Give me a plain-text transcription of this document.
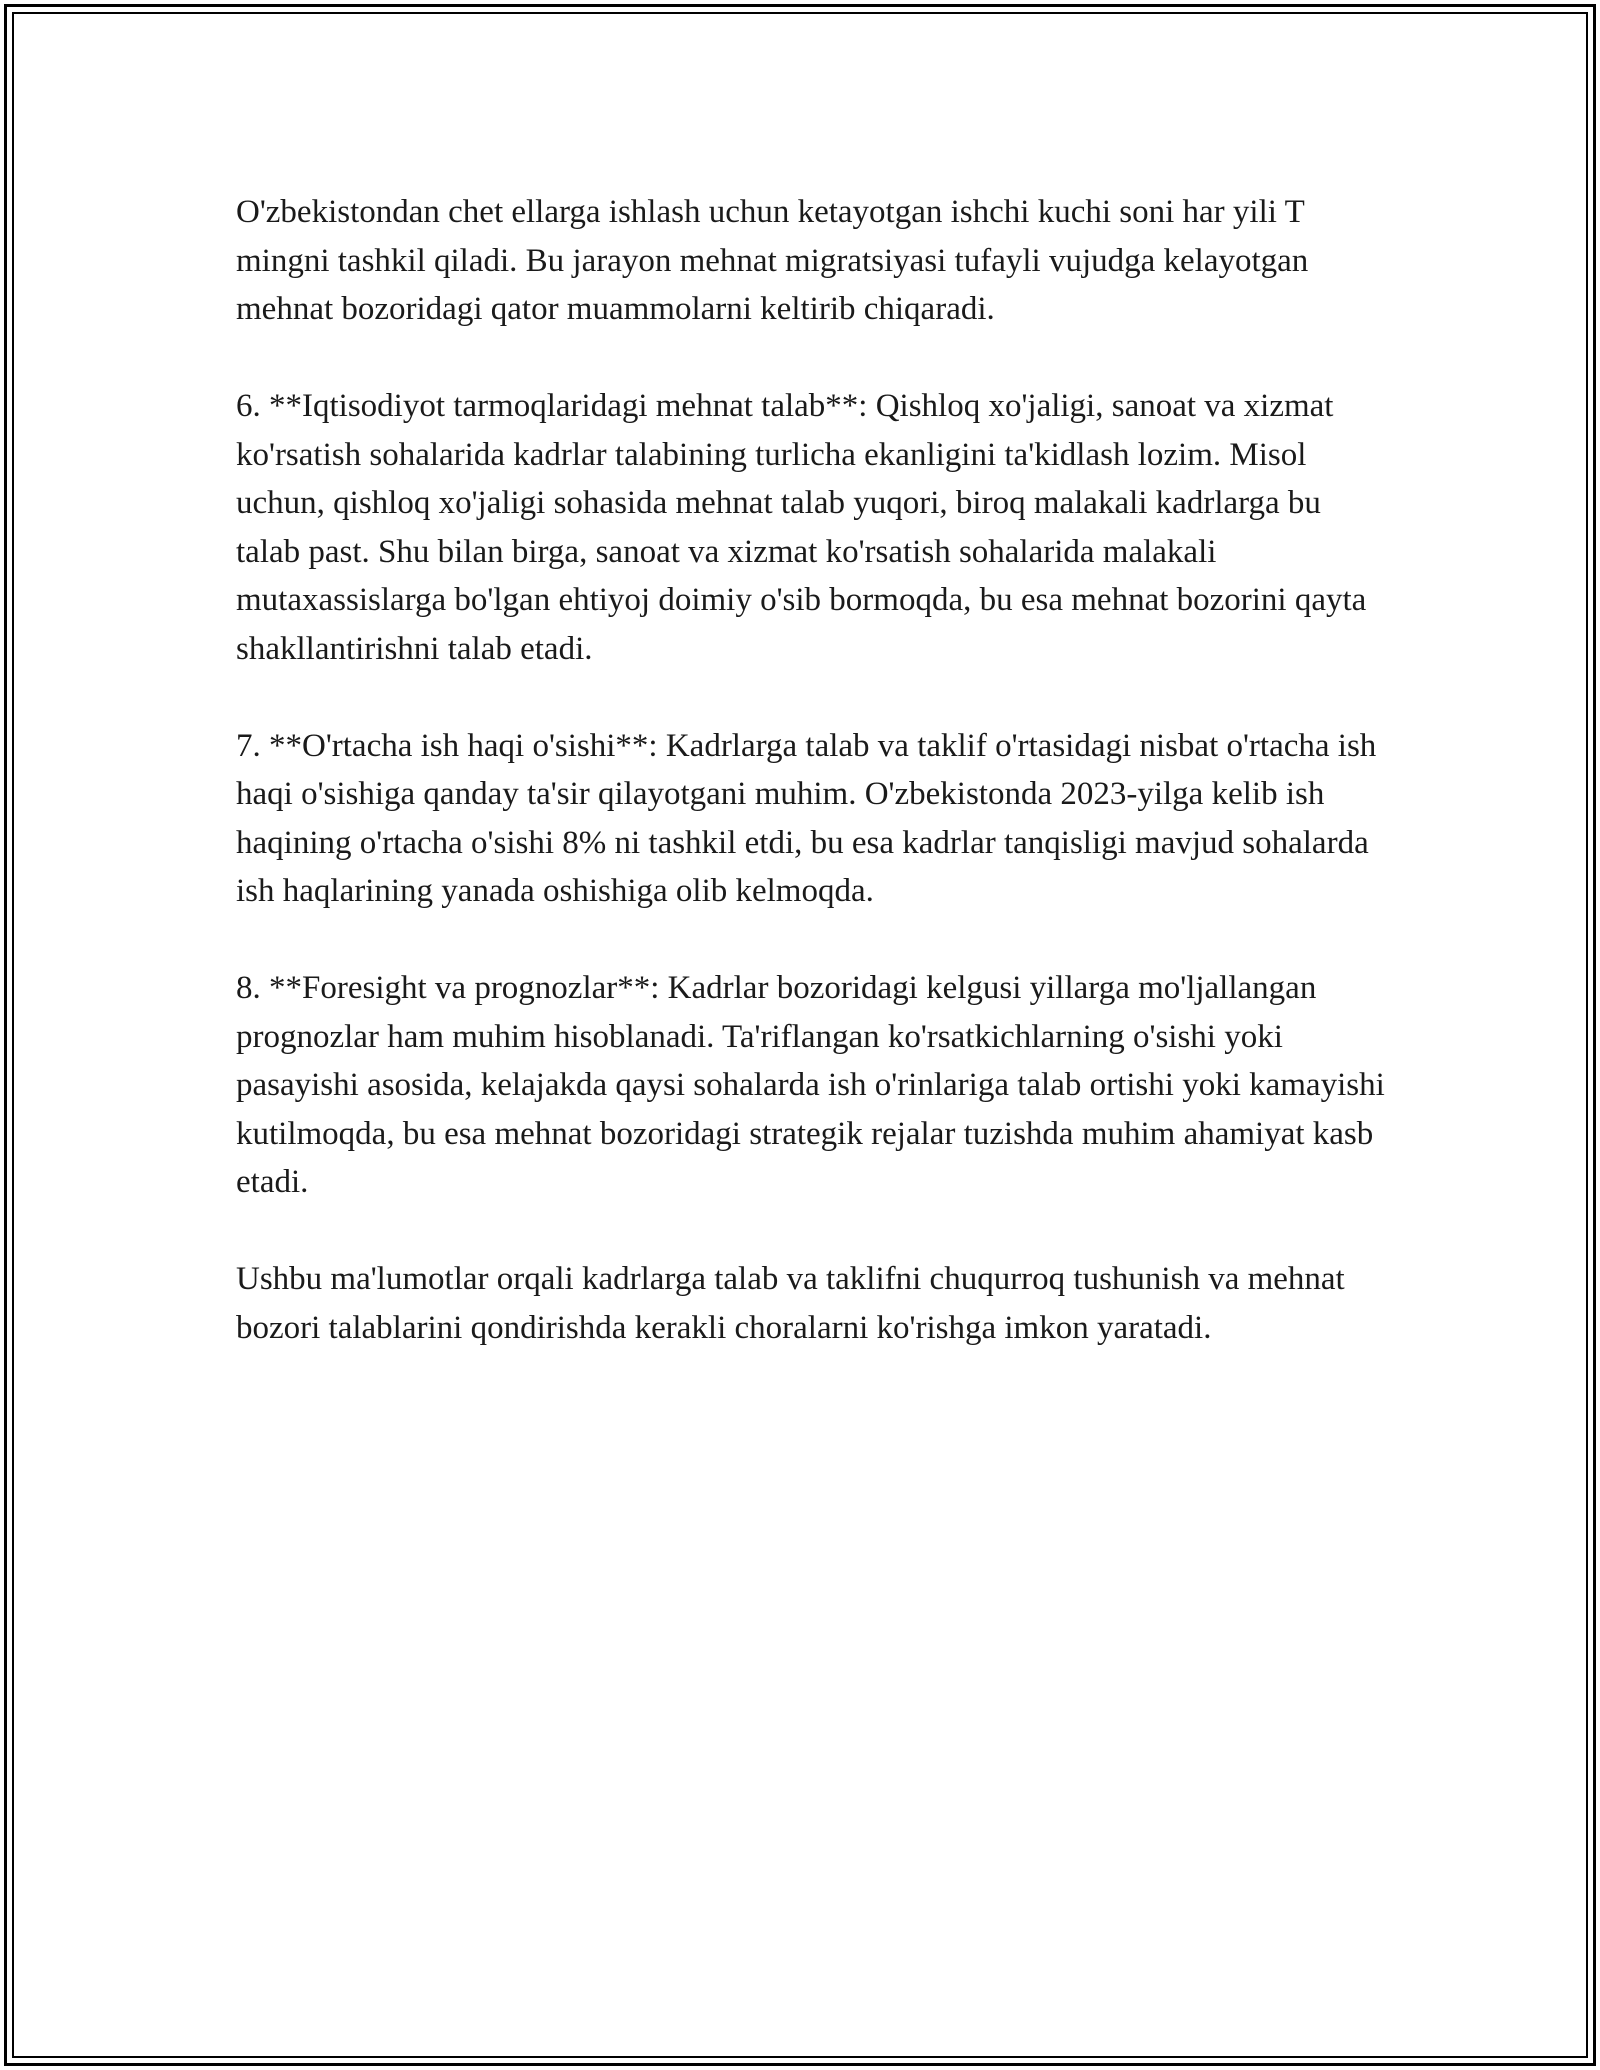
O'zbekistondan chet ellarga ishlash uchun ketayotgan ishchi kuchi soni har yili T mingni tashkil qiladi. Bu jarayon mehnat migratsiyasi tufayli vujudga kelayotgan mehnat bozoridagi qator muammolarni keltirib chiqaradi.

6. **Iqtisodiyot tarmoqlaridagi mehnat talab**: Qishloq xo'jaligi, sanoat va xizmat ko'rsatish sohalarida kadrlar talabining turlicha ekanligini ta'kidlash lozim. Misol uchun, qishloq xo'jaligi sohasida mehnat talab yuqori, biroq malakali kadrlarga bu talab past. Shu bilan birga, sanoat va xizmat ko'rsatish sohalarida malakali mutaxassislarga bo'lgan ehtiyoj doimiy o'sib bormoqda, bu esa mehnat bozorini qayta shakllantirishni talab etadi.

7. **O'rtacha ish haqi o'sishi**: Kadrlarga talab va taklif o'rtasidagi nisbat o'rtacha ish haqi o'sishiga qanday ta'sir qilayotgani muhim. O'zbekistonda 2023-yilga kelib ish haqining o'rtacha o'sishi 8% ni tashkil etdi, bu esa kadrlar tanqisligi mavjud sohalarda ish haqlarining yanada oshishiga olib kelmoqda.

8. **Foresight va prognozlar**: Kadrlar bozoridagi kelgusi yillarga mo'ljallangan prognozlar ham muhim hisoblanadi. Ta'riflangan ko'rsatkichlarning o'sishi yoki pasayishi asosida, kelajakda qaysi sohalarda ish o'rinlariga talab ortishi yoki kamayishi kutilmoqda, bu esa mehnat bozoridagi strategik rejalar tuzishda muhim ahamiyat kasb etadi.

Ushbu ma'lumotlar orqali kadrlarga talab va taklifni chuqurroq tushunish va mehnat bozori talablarini qondirishda kerakli choralarni ko'rishga imkon yaratadi.
